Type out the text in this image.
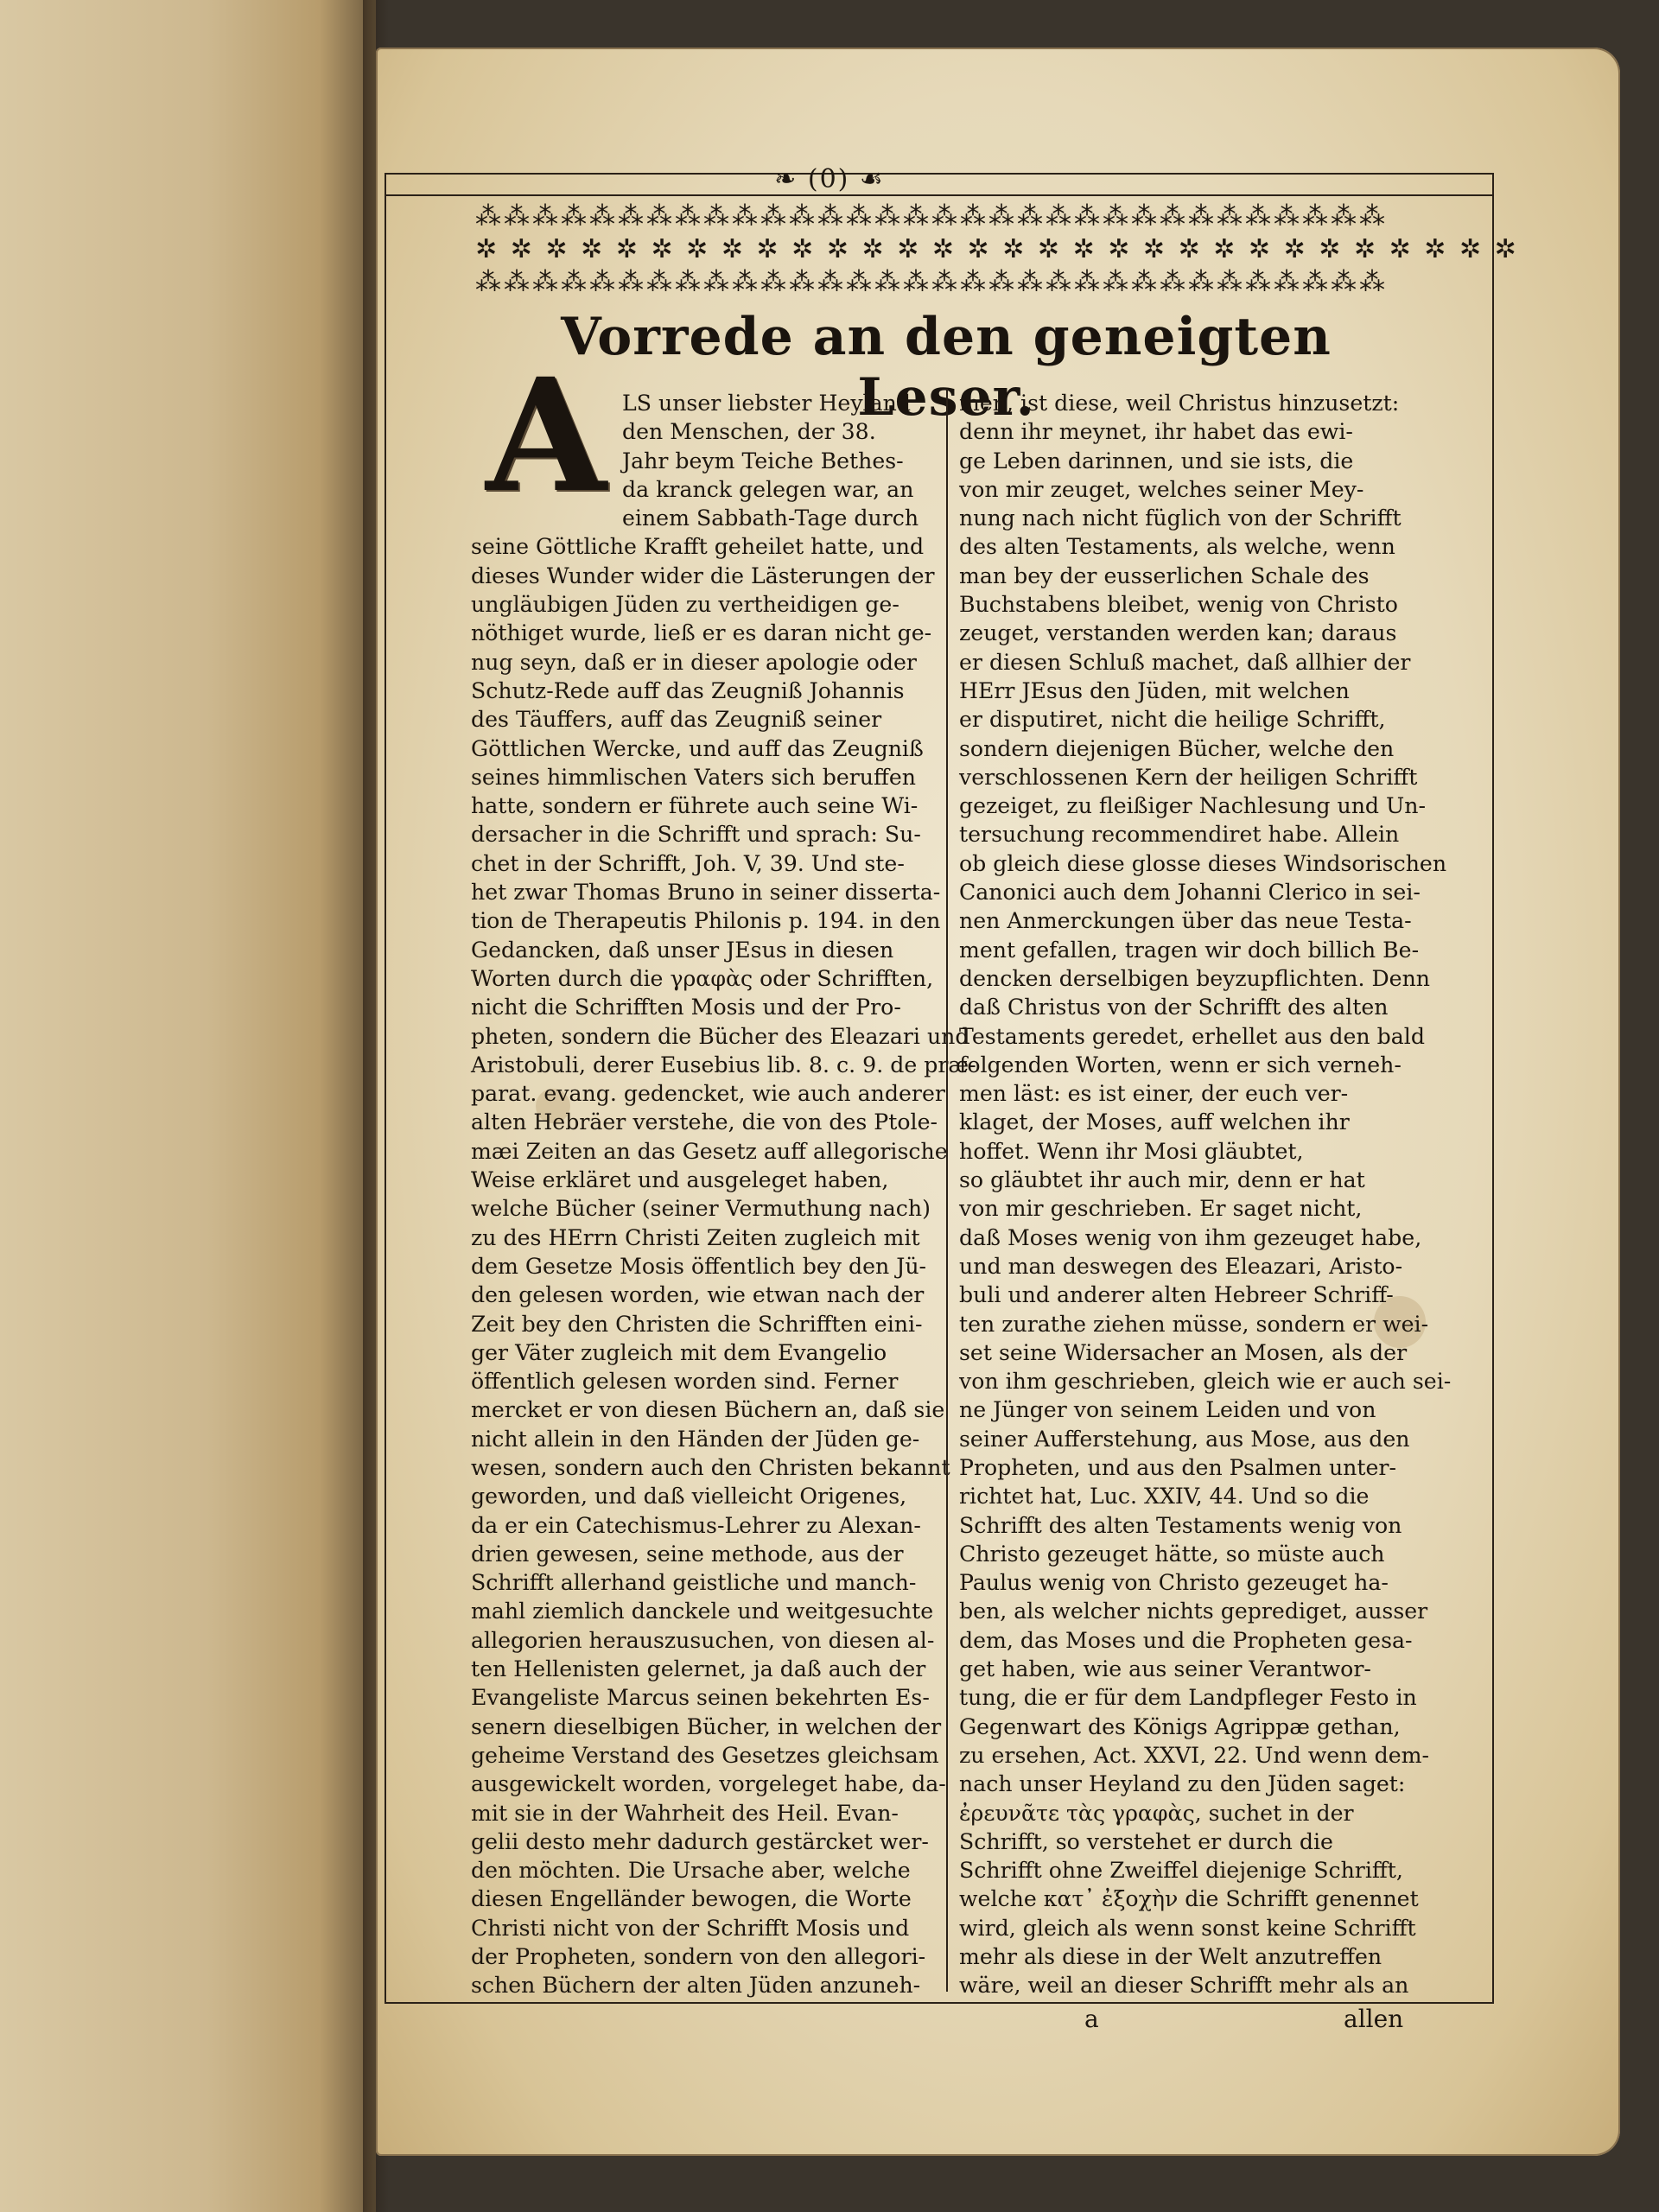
❧ (0) ☙
⁂⁂⁂⁂⁂⁂⁂⁂⁂⁂⁂⁂⁂⁂⁂⁂⁂⁂⁂⁂⁂⁂⁂⁂⁂⁂⁂⁂⁂⁂⁂⁂
✲ ✲ ✲ ✲ ✲ ✲ ✲ ✲ ✲ ✲ ✲ ✲ ✲ ✲ ✲ ✲ ✲ ✲ ✲ ✲ ✲ ✲ ✲ ✲ ✲ ✲ ✲ ✲ ✲ ✲
⁂⁂⁂⁂⁂⁂⁂⁂⁂⁂⁂⁂⁂⁂⁂⁂⁂⁂⁂⁂⁂⁂⁂⁂⁂⁂⁂⁂⁂⁂⁂⁂
Vorrede an den geneigten Leser.
A LS unser liebster Heyland
den Menschen, der 38.
Jahr beym Teiche Bethes-
da kranck gelegen war, an
einem Sabbath-Tage durch
seine Göttliche Krafft geheilet hatte, und
dieses Wunder wider die Lästerungen der
ungläubigen Jüden zu vertheidigen ge-
nöthiget wurde, ließ er es daran nicht ge-
nug seyn, daß er in dieser apologie oder
Schutz-Rede auff das Zeugniß Johannis
des Täuffers, auff das Zeugniß seiner
Göttlichen Wercke, und auff das Zeugniß
seines himmlischen Vaters sich beruffen
hatte, sondern er führete auch seine Wi-
dersacher in die Schrifft und sprach: Su-
chet in der Schrifft, Joh. V, 39. Und ste-
het zwar Thomas Bruno in seiner disserta-
tion de Therapeutis Philonis p. 194. in den
Gedancken, daß unser JEsus in diesen
Worten durch die γραφὰς oder Schrifften,
nicht die Schrifften Mosis und der Pro-
pheten, sondern die Bücher des Eleazari und
Aristobuli, derer Eusebius lib. 8. c. 9. de præ-
parat. evang. gedencket, wie auch anderer
alten Hebräer verstehe, die von des Ptole-
mæi Zeiten an das Gesetz auff allegorische
Weise erkläret und ausgeleget haben,
welche Bücher (seiner Vermuthung nach)
zu des HErrn Christi Zeiten zugleich mit
dem Gesetze Mosis öffentlich bey den Jü-
den gelesen worden, wie etwan nach der
Zeit bey den Christen die Schrifften eini-
ger Väter zugleich mit dem Evangelio
öffentlich gelesen worden sind. Ferner
mercket er von diesen Büchern an, daß sie
nicht allein in den Händen der Jüden ge-
wesen, sondern auch den Christen bekannt
geworden, und daß vielleicht Origenes,
da er ein Catechismus-Lehrer zu Alexan-
drien gewesen, seine methode, aus der
Schrifft allerhand geistliche und manch-
mahl ziemlich danckele und weitgesuchte
allegorien herauszusuchen, von diesen al-
ten Hellenisten gelernet, ja daß auch der
Evangeliste Marcus seinen bekehrten Es-
senern dieselbigen Bücher, in welchen der
geheime Verstand des Gesetzes gleichsam
ausgewickelt worden, vorgeleget habe, da-
mit sie in der Wahrheit des Heil. Evan-
gelii desto mehr dadurch gestärcket wer-
den möchten. Die Ursache aber, welche
diesen Engelländer bewogen, die Worte
Christi nicht von der Schrifft Mosis und
der Propheten, sondern von den allegori-
schen Büchern der alten Jüden anzuneh-
men, ist diese, weil Christus hinzusetzt:
denn ihr meynet, ihr habet das ewi-
ge Leben darinnen, und sie ists, die
von mir zeuget, welches seiner Mey-
nung nach nicht füglich von der Schrifft
des alten Testaments, als welche, wenn
man bey der eusserlichen Schale des
Buchstabens bleibet, wenig von Christo
zeuget, verstanden werden kan; daraus
er diesen Schluß machet, daß allhier der
HErr JEsus den Jüden, mit welchen
er disputiret, nicht die heilige Schrifft,
sondern diejenigen Bücher, welche den
verschlossenen Kern der heiligen Schrifft
gezeiget, zu fleißiger Nachlesung und Un-
tersuchung recommendiret habe. Allein
ob gleich diese glosse dieses Windsorischen
Canonici auch dem Johanni Clerico in sei-
nen Anmerckungen über das neue Testa-
ment gefallen, tragen wir doch billich Be-
dencken derselbigen beyzupflichten. Denn
daß Christus von der Schrifft des alten
Testaments geredet, erhellet aus den bald
folgenden Worten, wenn er sich verneh-
men läst: es ist einer, der euch ver-
klaget, der Moses, auff welchen ihr
hoffet. Wenn ihr Mosi gläubtet,
so gläubtet ihr auch mir, denn er hat
von mir geschrieben. Er saget nicht,
daß Moses wenig von ihm gezeuget habe,
und man deswegen des Eleazari, Aristo-
buli und anderer alten Hebreer Schriff-
ten zurathe ziehen müsse, sondern er wei-
set seine Widersacher an Mosen, als der
von ihm geschrieben, gleich wie er auch sei-
ne Jünger von seinem Leiden und von
seiner Aufferstehung, aus Mose, aus den
Propheten, und aus den Psalmen unter-
richtet hat, Luc. XXIV, 44. Und so die
Schrifft des alten Testaments wenig von
Christo gezeuget hätte, so müste auch
Paulus wenig von Christo gezeuget ha-
ben, als welcher nichts geprediget, ausser
dem, das Moses und die Propheten gesa-
get haben, wie aus seiner Verantwor-
tung, die er für dem Landpfleger Festo in
Gegenwart des Königs Agrippæ gethan,
zu ersehen, Act. XXVI, 22. Und wenn dem-
nach unser Heyland zu den Jüden saget:
ἐρευνᾶτε τὰς γραφὰς, suchet in der
Schrifft, so verstehet er durch die
Schrifft ohne Zweiffel diejenige Schrifft,
welche κατ᾽ ἐξοχὴν die Schrifft genennet
wird, gleich als wenn sonst keine Schrifft
mehr als diese in der Welt anzutreffen
wäre, weil an dieser Schrifft mehr als an
a	allen
